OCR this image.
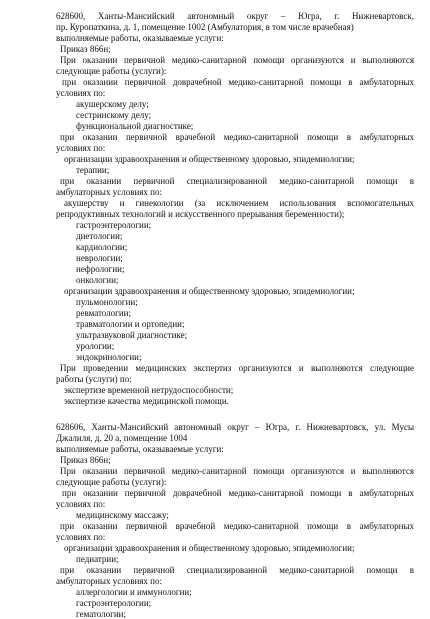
628600, Ханты-Мансийский автономный округ – Югра, г. Нижневартовск,
пр. Куропаткина, д. 1, помещение 1002 (Амбулатория, в том числе врачебная)
выполняемые работы, оказываемые услуги:
Приказ 866н;
При оказании первичной медико-санитарной помощи организуются и выполняются
следующие работы (услуги):
при оказании первичной доврачебной медико-санитарной помощи в амбулаторных
условиях по:
акушерскому делу;
сестринскому делу;
функциональной диагностике;
при оказании первичной врачебной медико-санитарной помощи в амбулаторных
условиях по:
организации здравоохранения и общественному здоровью, эпидемиологии;
терапии;
при оказании первичной специализированной медико-санитарной помощи в
амбулаторных условиях по:
акушерству и гинекологии (за исключением использования вспомогательных
репродуктивных технологий и искусственного прерывания беременности);
гастроэнтерологии;
диетологии;
кардиологии;
неврологии;
нефрологии;
онкологии;
организации здравоохранения и общественному здоровью, эпидемиологии;
пульмонологии;
ревматологии;
травматологии и ортопедии;
ультразвуковой диагностике;
урологии;
эндокринологии;
При проведении медицинских экспертиз организуются и выполняются следующие
работы (услуги) по:
экспертизе временной нетрудоспособности;
экспертизе качества медицинской помощи.
628606, Ханты-Мансийский автономный округ – Югра, г. Нижневартовск, ул. Мусы
Джалиля, д. 20 а, помещение 1004
выполняемые работы, оказываемые услуги:
Приказ 866н;
При оказании первичной медико-санитарной помощи организуются и выполняются
следующие работы (услуги):
при оказании первичной доврачебной медико-санитарной помощи в амбулаторных
условиях по:
медицинскому массажу;
при оказании первичной врачебной медико-санитарной помощи в амбулаторных
условиях по:
организации здравоохранения и общественному здоровью, эпидемиологии;
педиатрии;
при оказании первичной специализированной медико-санитарной помощи в
амбулаторных условиях по:
аллергологии и иммунологии;
гастроэнтерологии;
гематологии;
